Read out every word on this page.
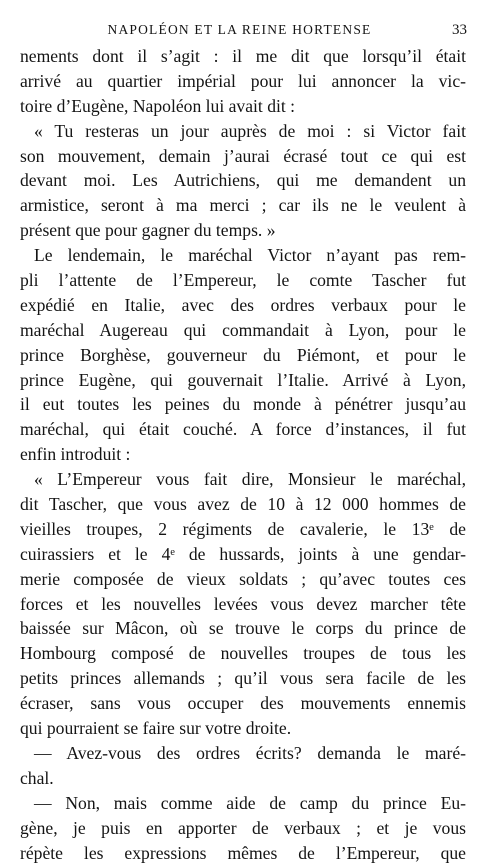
NAPOLÉON ET LA REINE HORTENSE	33
nements dont il s’agit : il me dit que lorsqu’il était
arrivé au quartier impérial pour lui annoncer la vic-
toire d’Eugène, Napoléon lui avait dit :
« Tu resteras un jour auprès de moi : si Victor fait
son mouvement, demain j’aurai écrasé tout ce qui est
devant moi. Les Autrichiens, qui me demandent un
armistice, seront à ma merci ; car ils ne le veulent à
présent que pour gagner du temps. »
Le lendemain, le maréchal Victor n’ayant pas rem-
pli l’attente de l’Empereur, le comte Tascher fut
expédié en Italie, avec des ordres verbaux pour le
maréchal Augereau qui commandait à Lyon, pour le
prince Borghèse, gouverneur du Piémont, et pour le
prince Eugène, qui gouvernait l’Italie. Arrivé à Lyon,
il eut toutes les peines du monde à pénétrer jusqu’au
maréchal, qui était couché. A force d’instances, il fut
enfin introduit :
« L’Empereur vous fait dire, Monsieur le maréchal,
dit Tascher, que vous avez de 10 à 12 000 hommes de
vieilles troupes, 2 régiments de cavalerie, le 13ᵉ de
cuirassiers et le 4ᵉ de hussards, joints à une gendar-
merie composée de vieux soldats ; qu’avec toutes ces
forces et les nouvelles levées vous devez marcher tête
baissée sur Mâcon, où se trouve le corps du prince de
Hombourg composé de nouvelles troupes de tous les
petits princes allemands ; qu’il vous sera facile de les
écraser, sans vous occuper des mouvements ennemis
qui pourraient se faire sur votre droite.
— Avez-vous des ordres écrits? demanda le maré-
chal.
— Non, mais comme aide de camp du prince Eu-
gène, je puis en apporter de verbaux ; et je vous
répète les expressions mêmes de l’Empereur, que
